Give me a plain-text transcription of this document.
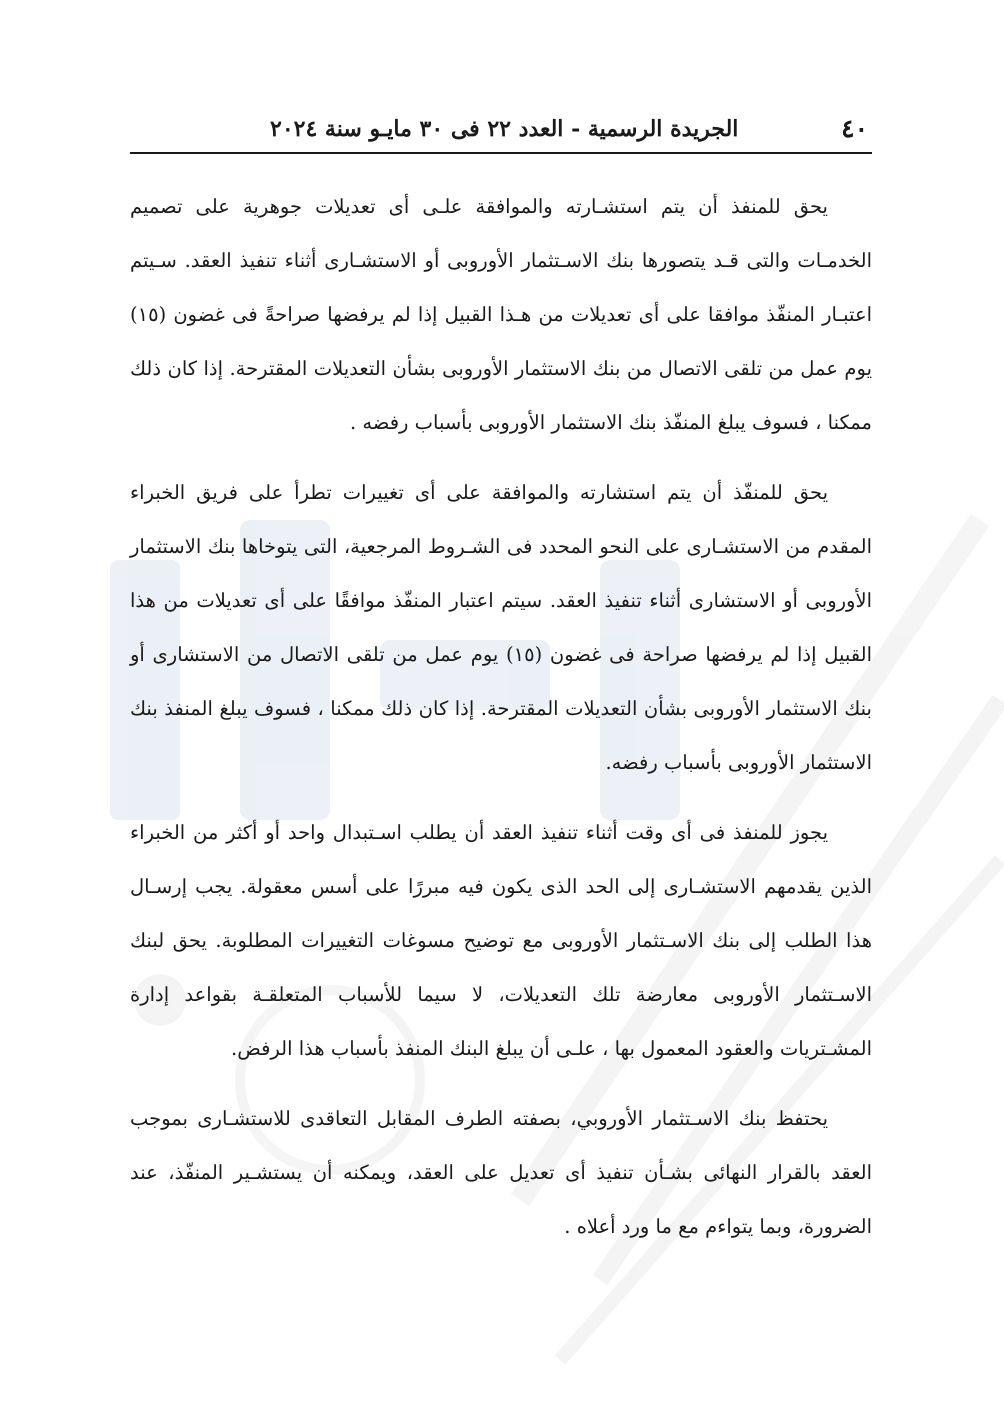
٤٠

الجريدة الرسمية - العدد ٢٢ فى ٣٠ مايـو سنة ٢٠٢٤

يحق للمنفذ أن يتم استشـارته والموافقة علـى أى تعديلات جوهرية على تصميم الخدمـات والتى قـد يتصورها بنك الاسـتثمار الأوروبى أو الاستشـارى أثناء تنفيذ العقد. سـيتم اعتبـار المنفّذ موافقا على أى تعديلات من هـذا القبيل إذا لم يرفضها صراحةً فى غضون (١٥) يوم عمل من تلقى الاتصال من بنك الاستثمار الأوروبى بشأن التعديلات المقترحة. إذا كان ذلك ممكنا ، فسوف يبلغ المنفّذ بنك الاستثمار الأوروبى بأسباب رفضه .

يحق للمنفّذ أن يتم استشارته والموافقة على أى تغييرات تطرأ على فريق الخبراء المقدم من الاستشـارى على النحو المحدد فى الشـروط المرجعية، التى يتوخاها بنك الاستثمار الأوروبى أو الاستشارى أثناء تنفيذ العقد. سيتم اعتبار المنفّذ موافقًا على أى تعديلات من هذا القبيل إذا لم يرفضها صراحة فى غضون (١٥) يوم عمل من تلقى الاتصال من الاستشارى أو بنك الاستثمار الأوروبى بشأن التعديلات المقترحة. إذا كان ذلك ممكنا ، فسوف يبلغ المنفذ بنك الاستثمار الأوروبى بأسباب رفضه.

يجوز للمنفذ فى أى وقت أثناء تنفيذ العقد أن يطلب اسـتبدال واحد أو أكثر من الخبراء الذين يقدمهم الاستشـارى إلى الحد الذى يكون فيه مبررًا على أسس معقولة. يجب إرسـال هذا الطلب إلى بنك الاسـتثمار الأوروبى مع توضيح مسوغات التغييرات المطلوبة. يحق لبنك الاسـتثمار الأوروبى معارضة تلك التعديلات، لا سيما للأسباب المتعلقـة بقواعد إدارة المشـتريات والعقود المعمول بها ، علـى أن يبلغ البنك المنفذ بأسباب هذا الرفض.

يحتفظ بنك الاسـتثمار الأوروبي، بصفته الطرف المقابل التعاقدى للاستشـارى بموجب العقد بالقرار النهائى بشـأن تنفيذ أى تعديل على العقد، ويمكنه أن يستشـير المنفّذ، عند الضرورة، وبما يتواءم مع ما ورد أعلاه .
